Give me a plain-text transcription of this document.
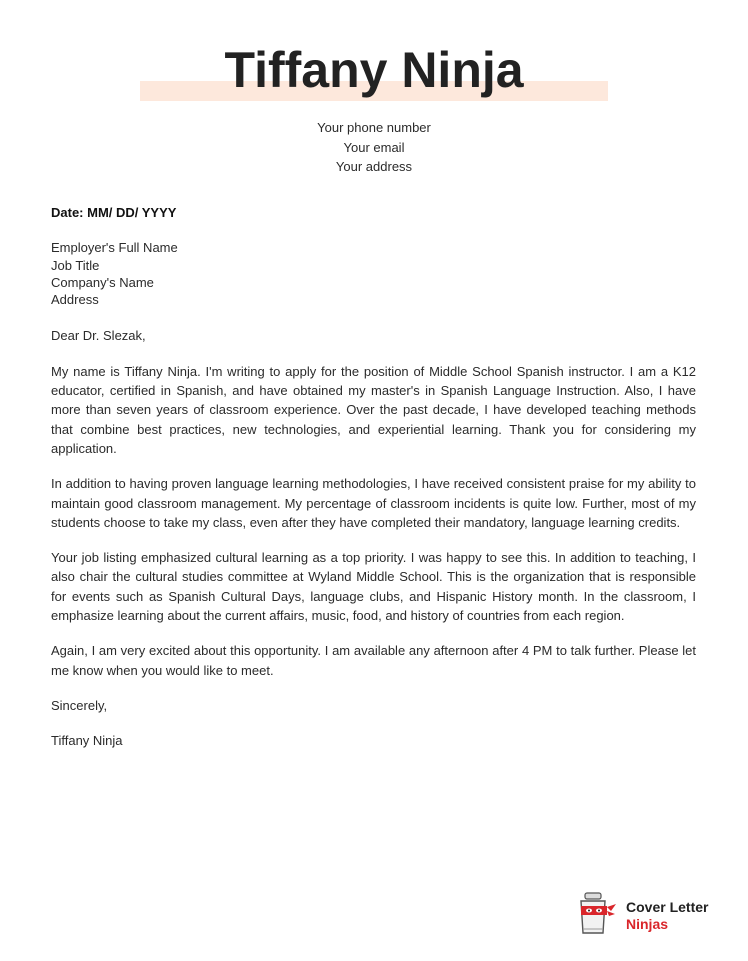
Tiffany Ninja
Your phone number
Your email
Your address
Date: MM/ DD/ YYYY
Employer's Full Name
Job Title
Company's Name
Address
Dear Dr. Slezak,

My name is Tiffany Ninja. I'm writing to apply for the position of Middle School Spanish instructor. I am a K12 educator, certified in Spanish, and have obtained my master's in Spanish Language Instruction. Also, I have more than seven years of classroom experience. Over the past decade, I have developed teaching methods that combine best practices, new technologies, and experiential learning. Thank you for considering my application.

In addition to having proven language learning methodologies, I have received consistent praise for my ability to maintain good classroom management. My percentage of classroom incidents is quite low. Further, most of my students choose to take my class, even after they have completed their mandatory, language learning credits.

Your job listing emphasized cultural learning as a top priority. I was happy to see this. In addition to teaching, I also chair the cultural studies committee at Wyland Middle School. This is the organization that is responsible for events such as Spanish Cultural Days, language clubs, and Hispanic History month. In the classroom, I emphasize learning about the current affairs, music, food, and history of countries from each region.

Again, I am very excited about this opportunity. I am available any afternoon after 4 PM to talk further. Please let me know when you would like to meet.

Sincerely,
Tiffany Ninja
Cover Letter
Ninjas
